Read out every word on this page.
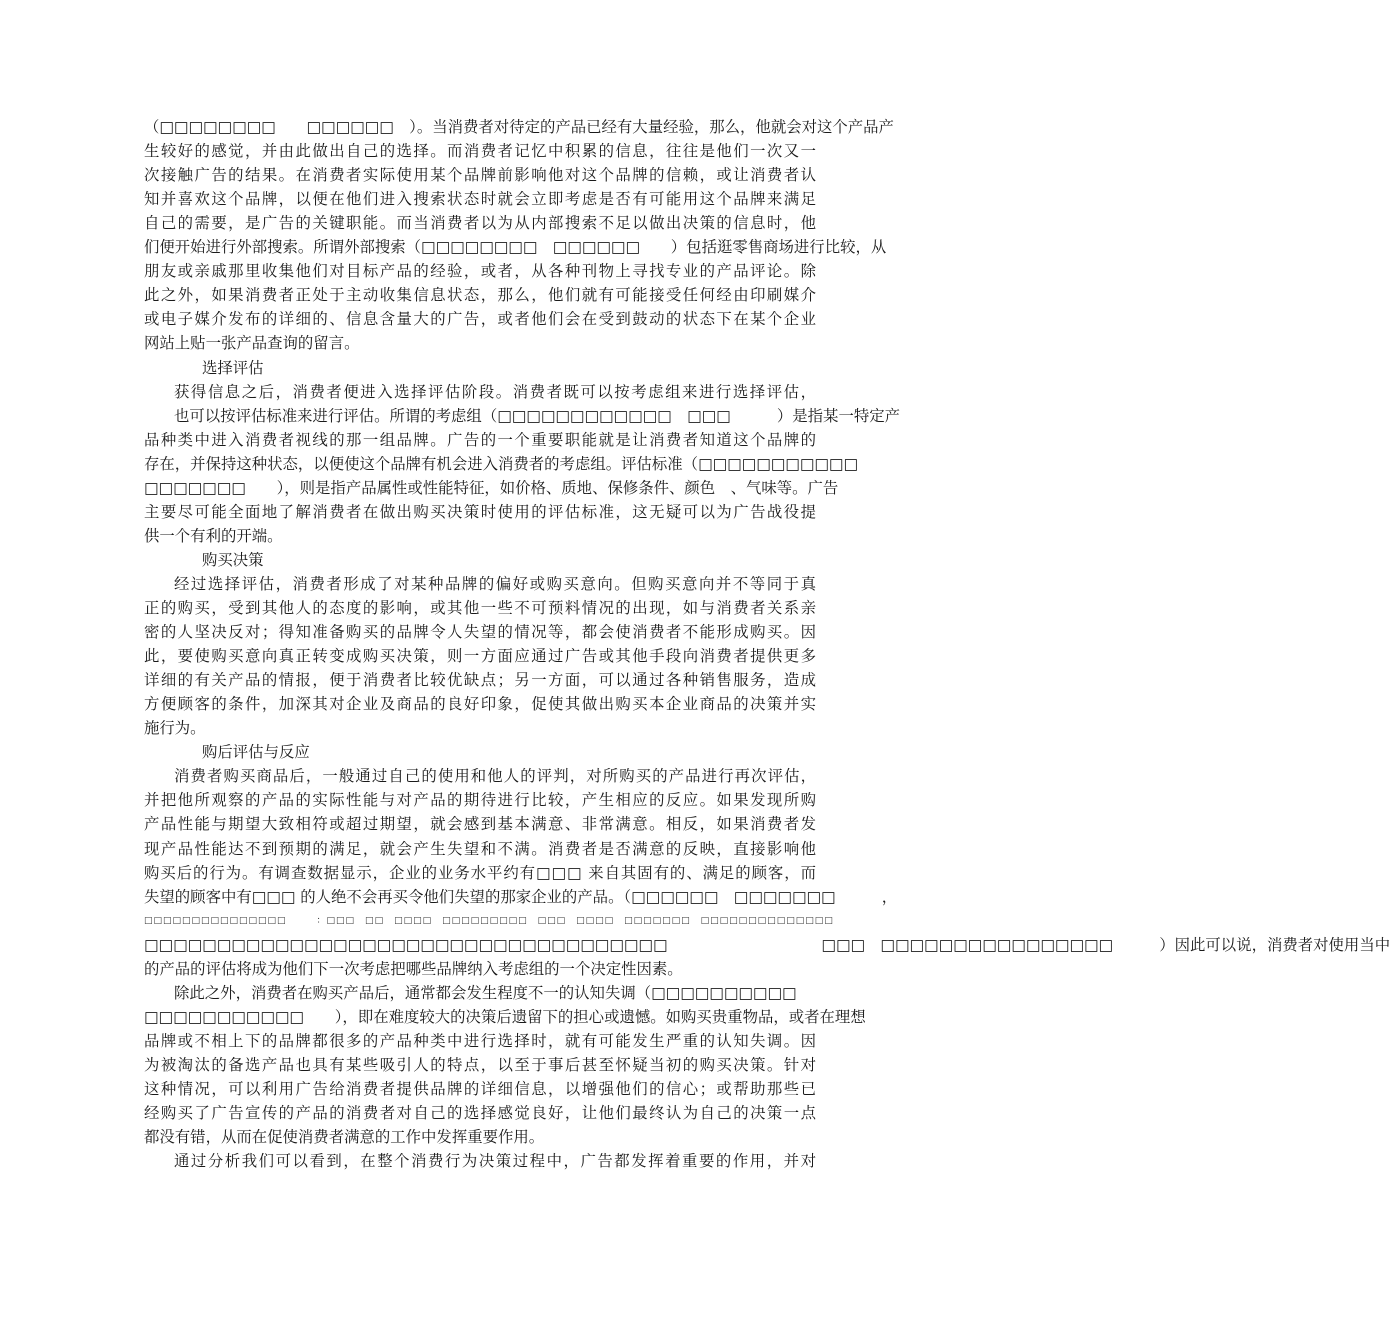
（□□□□□□□□　　□□□□□□　）。当消费者对待定的产品已经有大量经验，那么，他就会对这个产品产
生较好的感觉，并由此做出自己的选择。而消费者记忆中积累的信息，往往是他们一次又一
次接触广告的结果。在消费者实际使用某个品牌前影响他对这个品牌的信赖，或让消费者认
知并喜欢这个品牌，以便在他们进入搜索状态时就会立即考虑是否有可能用这个品牌来满足
自己的需要，是广告的关键职能。而当消费者以为从内部搜索不足以做出决策的信息时，他
们便开始进行外部搜索。所谓外部搜索（□□□□□□□□　□□□□□□　　）包括逛零售商场进行比较，从
朋友或亲戚那里收集他们对目标产品的经验，或者，从各种刊物上寻找专业的产品评论。除
此之外，如果消费者正处于主动收集信息状态，那么，他们就有可能接受任何经由印刷媒介
或电子媒介发布的详细的、信息含量大的广告，或者他们会在受到鼓动的状态下在某个企业
网站上贴一张产品查询的留言。
选择评估
获得信息之后，消费者便进入选择评估阶段。消费者既可以按考虑组来进行选择评估，
也可以按评估标准来进行评估。所谓的考虑组（□□□□□□□□□□□□　□□□　　　）是指某一特定产
品种类中进入消费者视线的那一组品牌。广告的一个重要职能就是让消费者知道这个品牌的
存在，并保持这种状态，以便使这个品牌有机会进入消费者的考虑组。评估标准（□□□□□□□□□□□
□□□□□□□　　），则是指产品属性或性能特征，如价格、质地、保修条件、颜色　、气味等。广告
主要尽可能全面地了解消费者在做出购买决策时使用的评估标准，这无疑可以为广告战役提
供一个有利的开端。
购买决策
经过选择评估，消费者形成了对某种品牌的偏好或购买意向。但购买意向并不等同于真
正的购买，受到其他人的态度的影响，或其他一些不可预料情况的出现，如与消费者关系亲
密的人坚决反对；得知准备购买的品牌令人失望的情况等，都会使消费者不能形成购买。因
此，要使购买意向真正转变成购买决策，则一方面应通过广告或其他手段向消费者提供更多
详细的有关产品的情报，便于消费者比较优缺点；另一方面，可以通过各种销售服务，造成
方便顾客的条件，加深其对企业及商品的良好印象，促使其做出购买本企业商品的决策并实
施行为。
购后评估与反应
消费者购买商品后，一般通过自己的使用和他人的评判，对所购买的产品进行再次评估，
并把他所观察的产品的实际性能与对产品的期待进行比较，产生相应的反应。如果发现所购
产品性能与期望大致相符或超过期望，就会感到基本满意、非常满意。相反，如果消费者发
现产品性能达不到预期的满足，就会产生失望和不满。消费者是否满意的反映，直接影响他
购买后的行为。有调查数据显示，企业的业务水平约有□□□ 来自其固有的、满足的顾客，而
失望的顾客中有□□□ 的人绝不会再买令他们失望的那家企业的产品。（□□□□□□　□□□□□□□　　　，
□□□□□□□□□□□□□□□　　　：□□□　□□　□□□□　□□□□□□□□□　□□□　□□□□　□□□□□□□　□□□□□□□□□□□□□□
□□□□□□□□□□□□□□□□□□□□□□□□□□□□□□□□□□□□　　　　　　　　　　□□□　□□□□□□□□□□□□□□□□　　　）因此可以说，消费者对使用当中
的产品的评估将成为他们下一次考虑把哪些品牌纳入考虑组的一个决定性因素。
除此之外，消费者在购买产品后，通常都会发生程度不一的认知失调（□□□□□□□□□□
□□□□□□□□□□□　　），即在难度较大的决策后遗留下的担心或遗憾。如购买贵重物品，或者在理想
品牌或不相上下的品牌都很多的产品种类中进行选择时，就有可能发生严重的认知失调。因
为被淘汰的备选产品也具有某些吸引人的特点，以至于事后甚至怀疑当初的购买决策。针对
这种情况，可以利用广告给消费者提供品牌的详细信息，以增强他们的信心；或帮助那些已
经购买了广告宣传的产品的消费者对自己的选择感觉良好，让他们最终认为自己的决策一点
都没有错，从而在促使消费者满意的工作中发挥重要作用。
通过分析我们可以看到，在整个消费行为决策过程中，广告都发挥着重要的作用，并对
